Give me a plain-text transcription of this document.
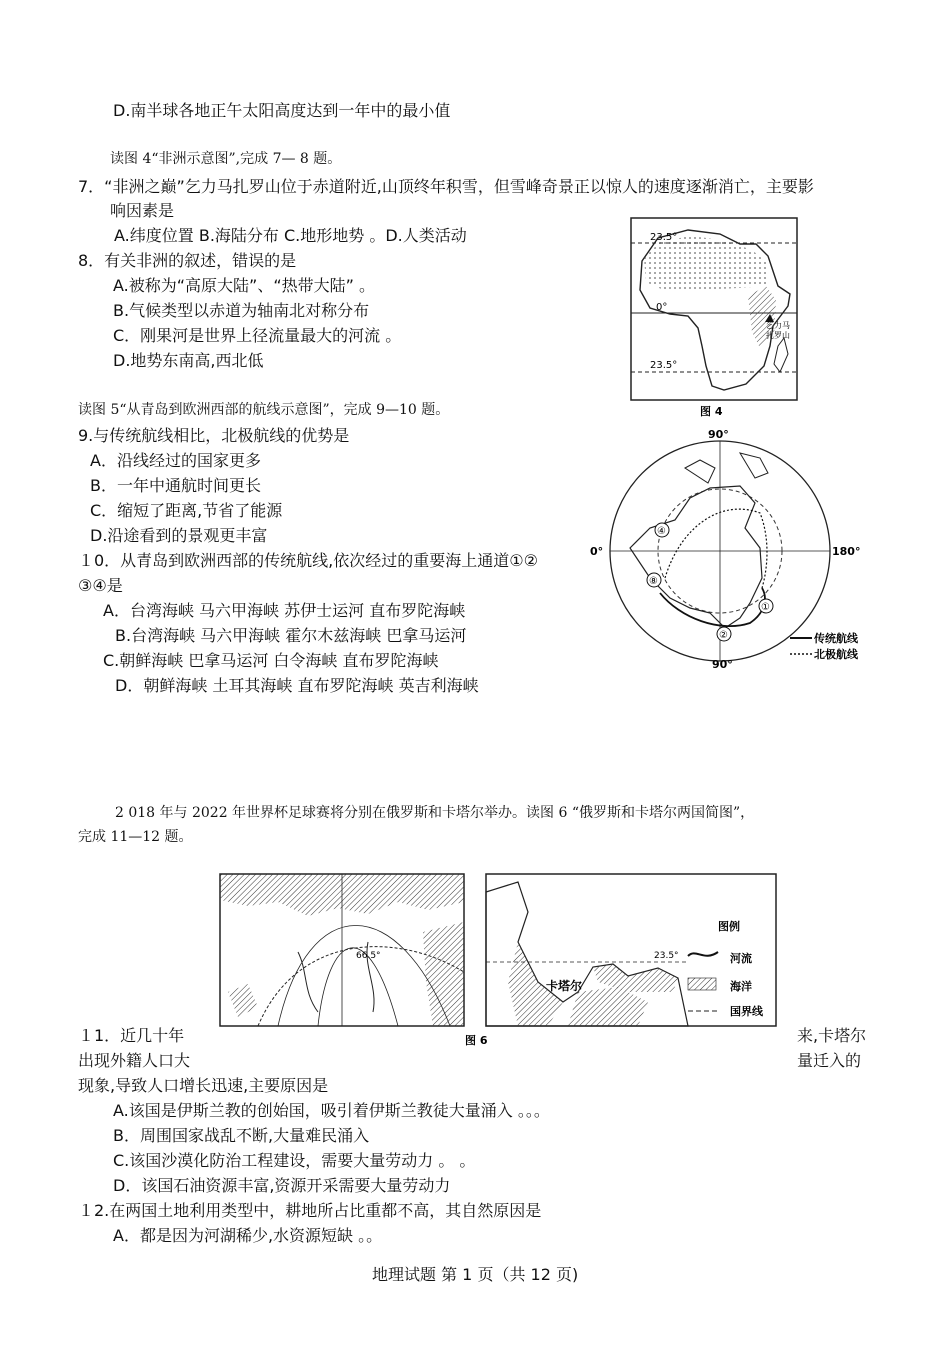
D.南半球各地正午太阳高度达到一年中的最小值
读图 4“非洲示意图”,完成 7— 8 题。
7．“非洲之巅”乞力马扎罗山位于赤道附近,山顶终年积雪，但雪峰奇景正以惊人的速度逐渐消亡，主要影
响因素是
A.纬度位置 B.海陆分布 C.地形地势 。D.人类活动
8．有关非洲的叙述，错误的是
A.被称为“高原大陆”、“热带大陆” 。
B.气候类型以赤道为轴南北对称分布
C．刚果河是世界上径流量最大的河流 。
D.地势东南高,西北低
读图 5“从青岛到欧洲西部的航线示意图”，完成 9—10 题。
9.与传统航线相比，北极航线的优势是
A．沿线经过的国家更多
B．一年中通航时间更长
C．缩短了距离,节省了能源
D.沿途看到的景观更丰富
１0．从青岛到欧洲西部的传统航线,依次经过的重要海上通道①②
③④是
A．台湾海峡 马六甲海峡 苏伊士运河 直布罗陀海峡
B.台湾海峡 马六甲海峡 霍尔木兹海峡 巴拿马运河
C.朝鲜海峡 巴拿马运河 白令海峡 直布罗陀海峡
D．朝鲜海峡 土耳其海峡 直布罗陀海峡 英吉利海峡
2 018 年与 2022 年世界杯足球赛将分别在俄罗斯和卡塔尔举办。读图 6 “俄罗斯和卡塔尔两国简图”，
完成 11—12 题。
１1．近几十年	来,卡塔尔
出现外籍人口大	量迁入的
现象,导致人口增长迅速,主要原因是
A.该国是伊斯兰教的创始国，吸引着伊斯兰教徒大量涌入 。。。
B．周围国家战乱不断,大量难民涌入
C.该国沙漠化防治工程建设，需要大量劳动力 。 。
D．该国石油资源丰富,资源开采需要大量劳动力
１2.在两国土地利用类型中，耕地所占比重都不高，其自然原因是
A．都是因为河湖稀少,水资源短缺 。。
地理试题 第 1 页（共 12 页)
23.5°
0°
23.5°
乞力马
扎罗山
图 4
④
⑧
①
②
90°
90°
0°	180°
传统航线
北极航线
66.5°	23.5°
卡塔尔
图例
河流
海洋
国界线
图 6
